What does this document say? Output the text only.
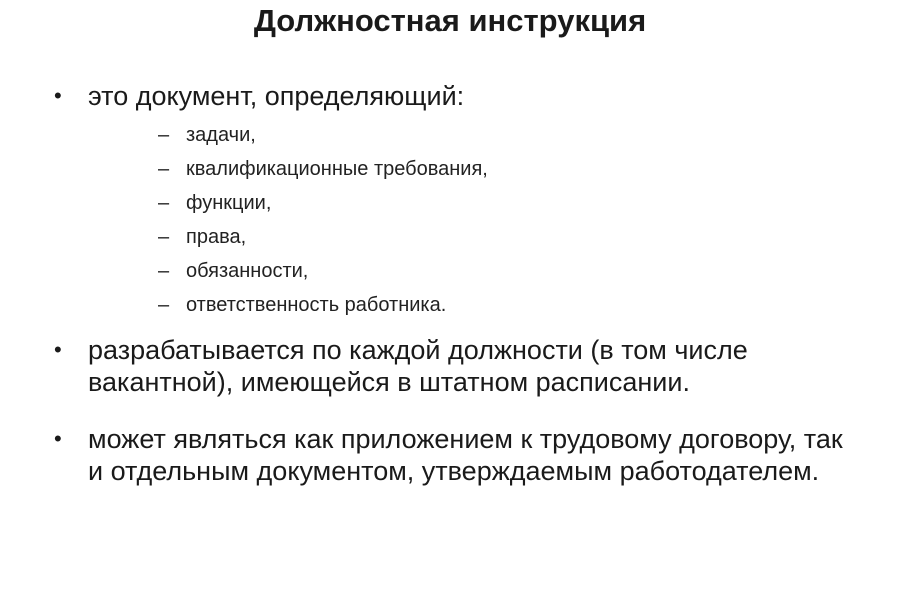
Должностная инструкция
• это документ, определяющий:
– задачи,
– квалификационные требования,
– функции,
– права,
– обязанности,
– ответственность работника.
• разрабатывается по каждой должности (в том числе вакантной), имеющейся в штатном расписании.
• может являться как приложением к трудовому договору, так и отдельным документом, утверждаемым работодателем.
